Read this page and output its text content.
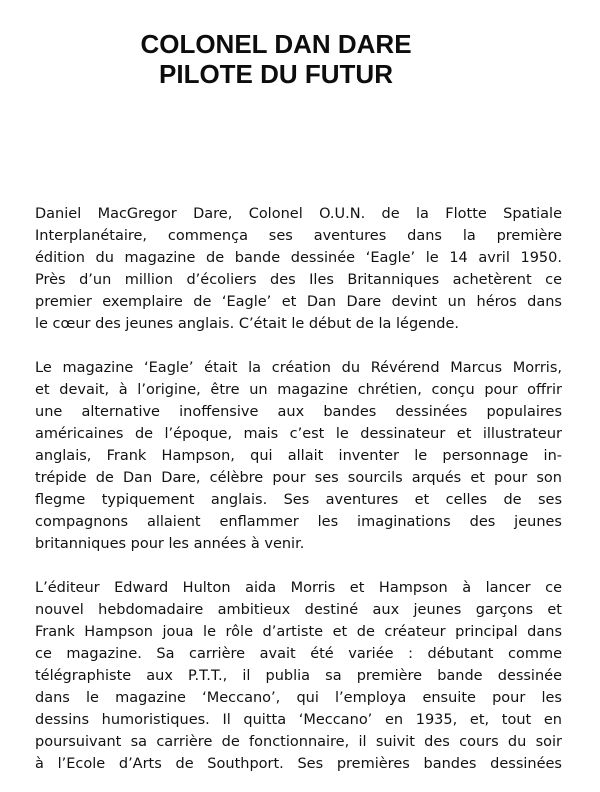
COLONEL DAN DARE
PILOTE DU FUTUR

Daniel MacGregor Dare, Colonel O.U.N. de la Flotte Spatiale
Interplanétaire, commença ses aventures dans la première
édition du magazine de bande dessinée ‘Eagle’ le 14 avril 1950.
Près d’un million d’écoliers des Iles Britanniques achetèrent ce
premier exemplaire de ‘Eagle’ et Dan Dare devint un héros dans
le cœur des jeunes anglais. C’était le début de la légende.

Le magazine ‘Eagle’ était la création du Révérend Marcus Morris,
et devait, à l’origine, être un magazine chrétien, conçu pour offrir
une alternative inoffensive aux bandes dessinées populaires
américaines de l’époque, mais c’est le dessinateur et illustrateur
anglais, Frank Hampson, qui allait inventer le personnage in-
trépide de Dan Dare, célèbre pour ses sourcils arqués et pour son
flegme typiquement anglais. Ses aventures et celles de ses
compagnons allaient enflammer les imaginations des jeunes
britanniques pour les années à venir.

L’éditeur Edward Hulton aida Morris et Hampson à lancer ce
nouvel hebdomadaire ambitieux destiné aux jeunes garçons et
Frank Hampson joua le rôle d’artiste et de créateur principal dans
ce magazine. Sa carrière avait été variée : débutant comme
télégraphiste aux P.T.T., il publia sa première bande dessinée
dans le magazine ‘Meccano’, qui l’employa ensuite pour les
dessins humoristiques. Il quitta ‘Meccano’ en 1935, et, tout en
poursuivant sa carrière de fonctionnaire, il suivit des cours du soir
à l’Ecole d’Arts de Southport. Ses premières bandes dessinées
